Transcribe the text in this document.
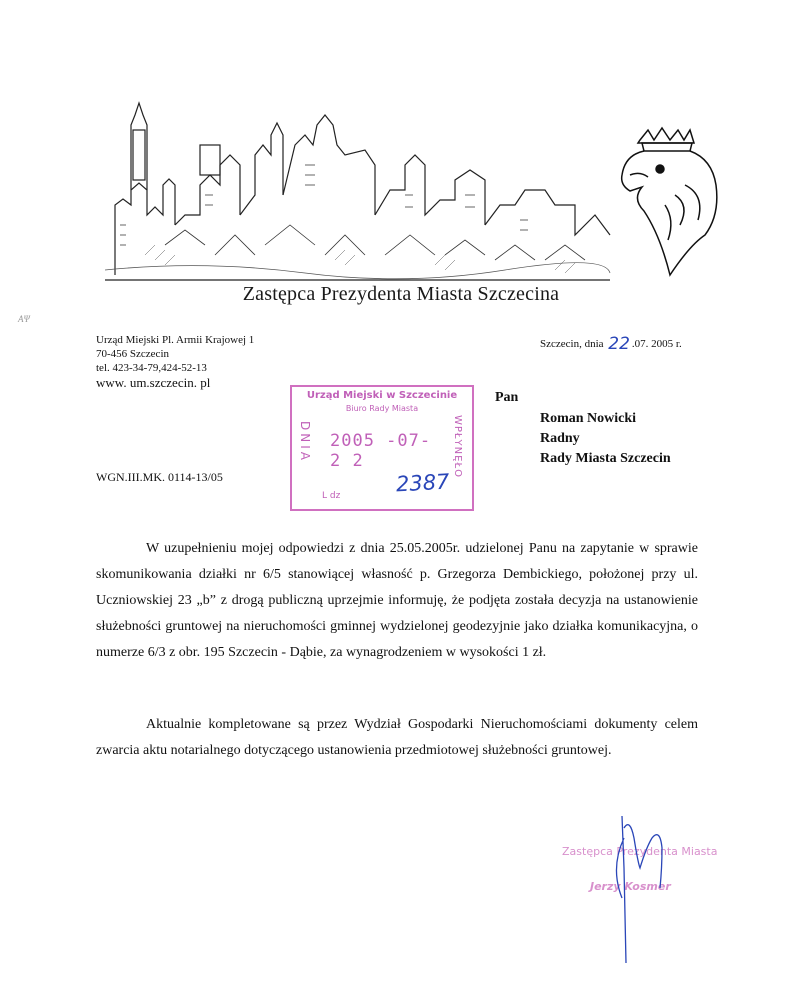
Zastępca Prezydenta Miasta Szczecina
AΨ
Urząd Miejski Pl. Armii Krajowej 1
70-456 Szczecin
tel. 423-34-79,424-52-13
www. um.szczecin. pl
Szczecin, dnia 22 .07. 2005 r.
Urząd Miejski w Szczecinie
Biuro Rady Miasta
DNIA	WPŁYNĘŁO
2005 -07- 2 2
L dz	2387
Pan
Roman Nowicki
Radny
Rady Miasta Szczecin
WGN.III.MK. 0114-13/05
W uzupełnieniu mojej odpowiedzi z dnia 25.05.2005r. udzielonej Panu na zapytanie w sprawie skomunikowania działki nr 6/5 stanowiącej własność p. Grzegorza Dembickiego, położonej przy ul. Uczniowskiej 23 „b” z drogą publiczną uprzejmie informuję, że podjęta została decyzja na ustanowienie służebności gruntowej na nieruchomości gminnej wydzielonej geodezyjnie jako działka komunikacyjna, o numerze 6/3 z obr. 195 Szczecin - Dąbie, za wynagrodzeniem w wysokości 1 zł.
Aktualnie kompletowane są przez Wydział Gospodarki Nieruchomościami dokumenty celem zwarcia aktu notarialnego dotyczącego ustanowienia przedmiotowej służebności gruntowej.
Zastępca Prezydenta Miasta
Jerzy Kosmer
